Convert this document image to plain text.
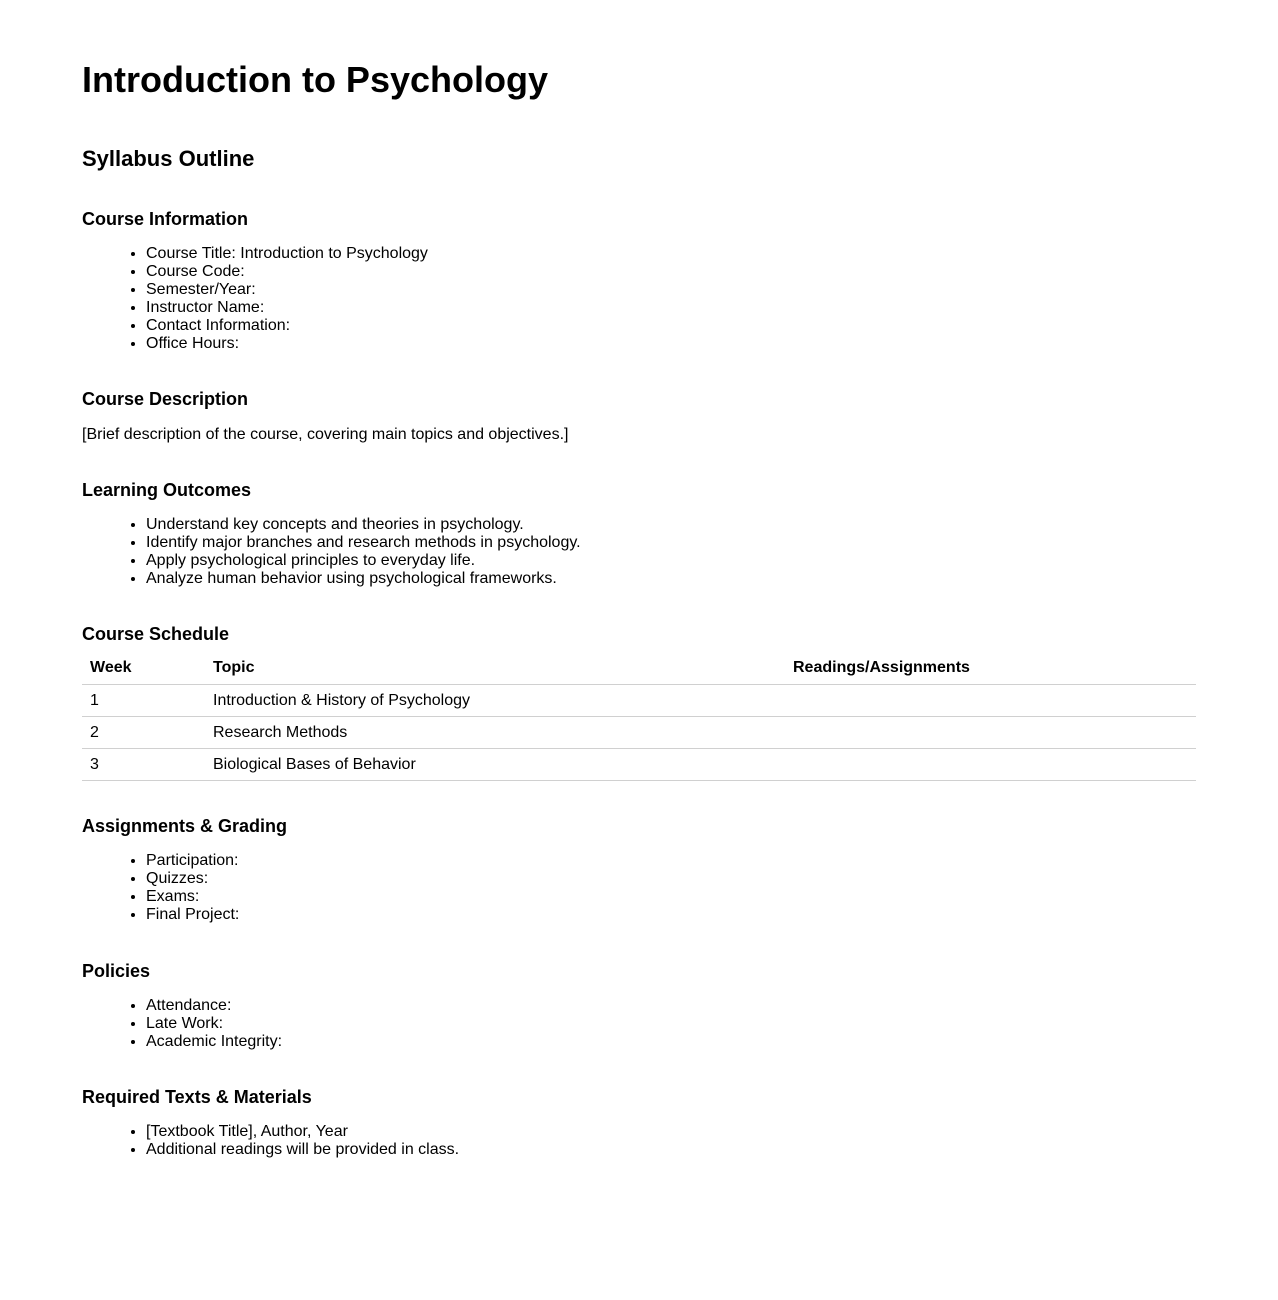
Introduction to Psychology
Syllabus Outline
Course Information
• Course Title: Introduction to Psychology
• Course Code:
• Semester/Year:
• Instructor Name:
• Contact Information:
• Office Hours:
Course Description

[Brief description of the course, covering main topics and objectives.]

Learning Outcomes
• Understand key concepts and theories in psychology.
• Identify major branches and research methods in psychology.
• Apply psychological principles to everyday life.
• Analyze human behavior using psychological frameworks.
Course Schedule
Week	Topic	Readings/Assignments
1	Introduction & History of Psychology	
2	Research Methods	
3	Biological Bases of Behavior	
Assignments & Grading
• Participation:
• Quizzes:
• Exams:
• Final Project:
Policies
• Attendance:
• Late Work:
• Academic Integrity:
Required Texts & Materials
• [Textbook Title], Author, Year
• Additional readings will be provided in class.
